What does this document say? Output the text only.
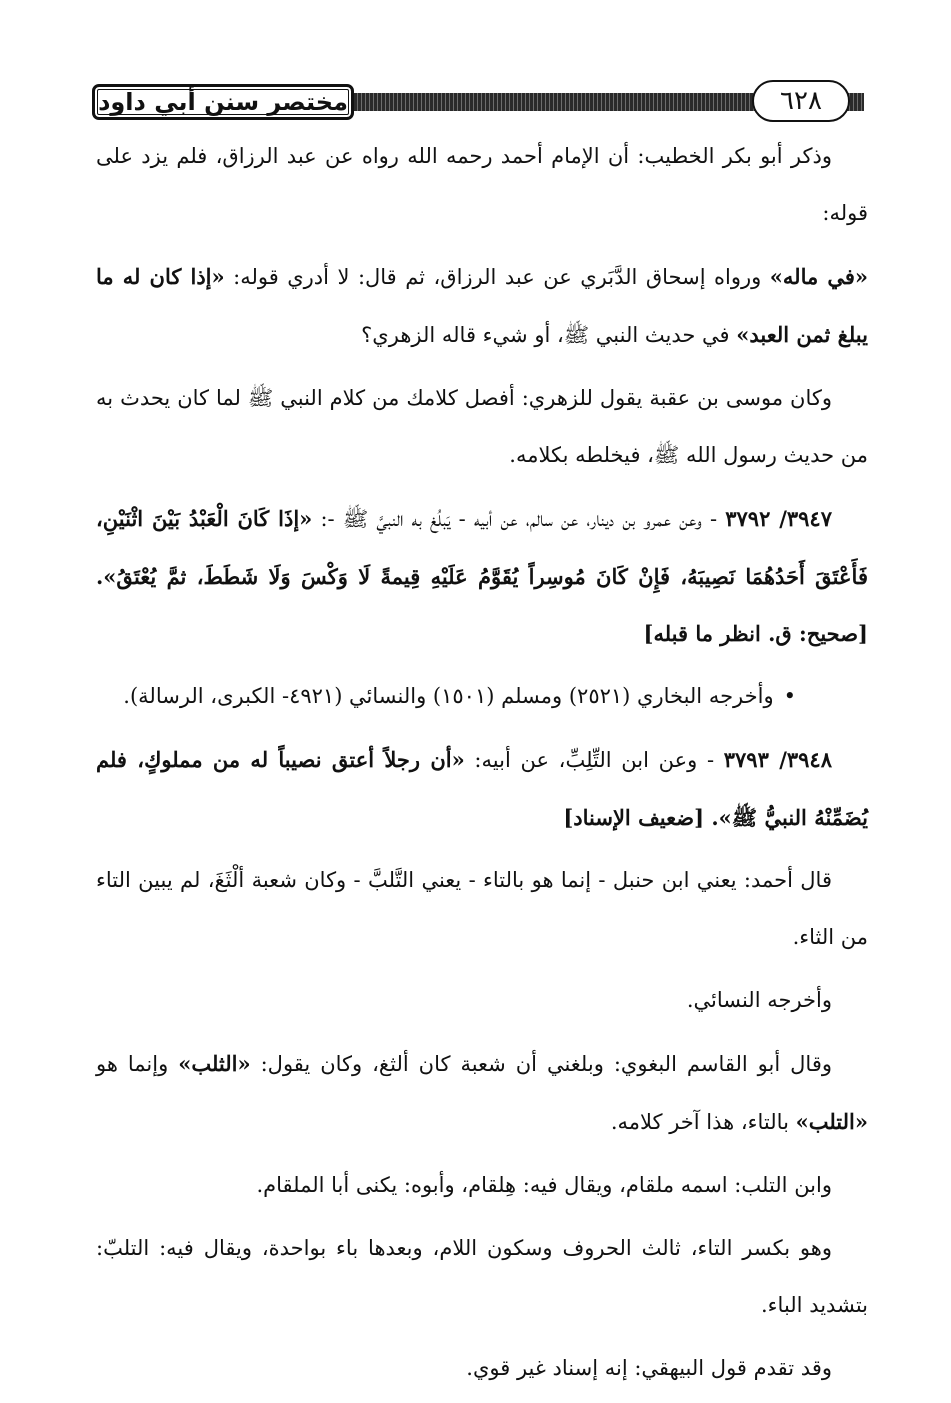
مختصر سنن أبي داود	٦٢٨

وذكر أبو بكر الخطيب: أن الإمام أحمد رحمه الله رواه عن عبد الرزاق، فلم يزد على قوله:

«في ماله» ورواه إسحاق الدَّبَري عن عبد الرزاق، ثم قال: لا أدري قوله: «إذا كان له ما يبلغ ثمن العبد» في حديث النبي ﷺ، أو شيء قاله الزهري؟

وكان موسى بن عقبة يقول للزهري: أفصل كلامك من كلام النبي ﷺ لما كان يحدث به من حديث رسول الله ﷺ، فيخلطه بكلامه.

٣٩٤٧/ ٣٧٩٢ - وعن عمرو بن دينار، عن سالم، عن أبيه - يَبلُغ به النبيَّ ﷺ -: «إذَا كَانَ الْعَبْدُ بَيْنَ اثْنَيْنِ، فَأَعْتَقَ أَحَدُهُمَا نَصِيبَهُ، فَإِنْ كَانَ مُوسِراً يُقَوَّمُ عَلَيْهِ قِيمةً لَا وَكْسَ وَلَا شَطَطَ، ثمَّ يُعْتَقُ». [صحيح: ق. انظر ما قبله]

• وأخرجه البخاري (٢٥٢١) ومسلم (١٥٠١) والنسائي (٤٩٢١- الكبرى، الرسالة).

٣٩٤٨/ ٣٧٩٣ - وعن ابن التِّلِبِّ، عن أبيه: «أن رجلاً أعتق نصيباً له من مملوكٍ، فلم يُضَمِّنْهُ النبيُّ ﷺ». [ضعيف الإسناد]

قال أحمد: يعني ابن حنبل - إنما هو بالتاء - يعني التَّلبَّ - وكان شعبة ألْثَغَ، لم يبين التاء من الثاء.

وأخرجه النسائي.

وقال أبو القاسم البغوي: وبلغني أن شعبة كان ألثغ، وكان يقول: «الثلب» وإنما هو «التلب» بالتاء، هذا آخر كلامه.

وابن التلب: اسمه ملقام، ويقال فيه: هِلقام، وأبوه: يكنى أبا الملقام.

وهو بكسر التاء، ثالث الحروف وسكون اللام، وبعدها باء بواحدة، ويقال فيه: التلبّ: بتشديد الباء.

وقد تقدم قول البيهقي: إنه إسناد غير قوي.
